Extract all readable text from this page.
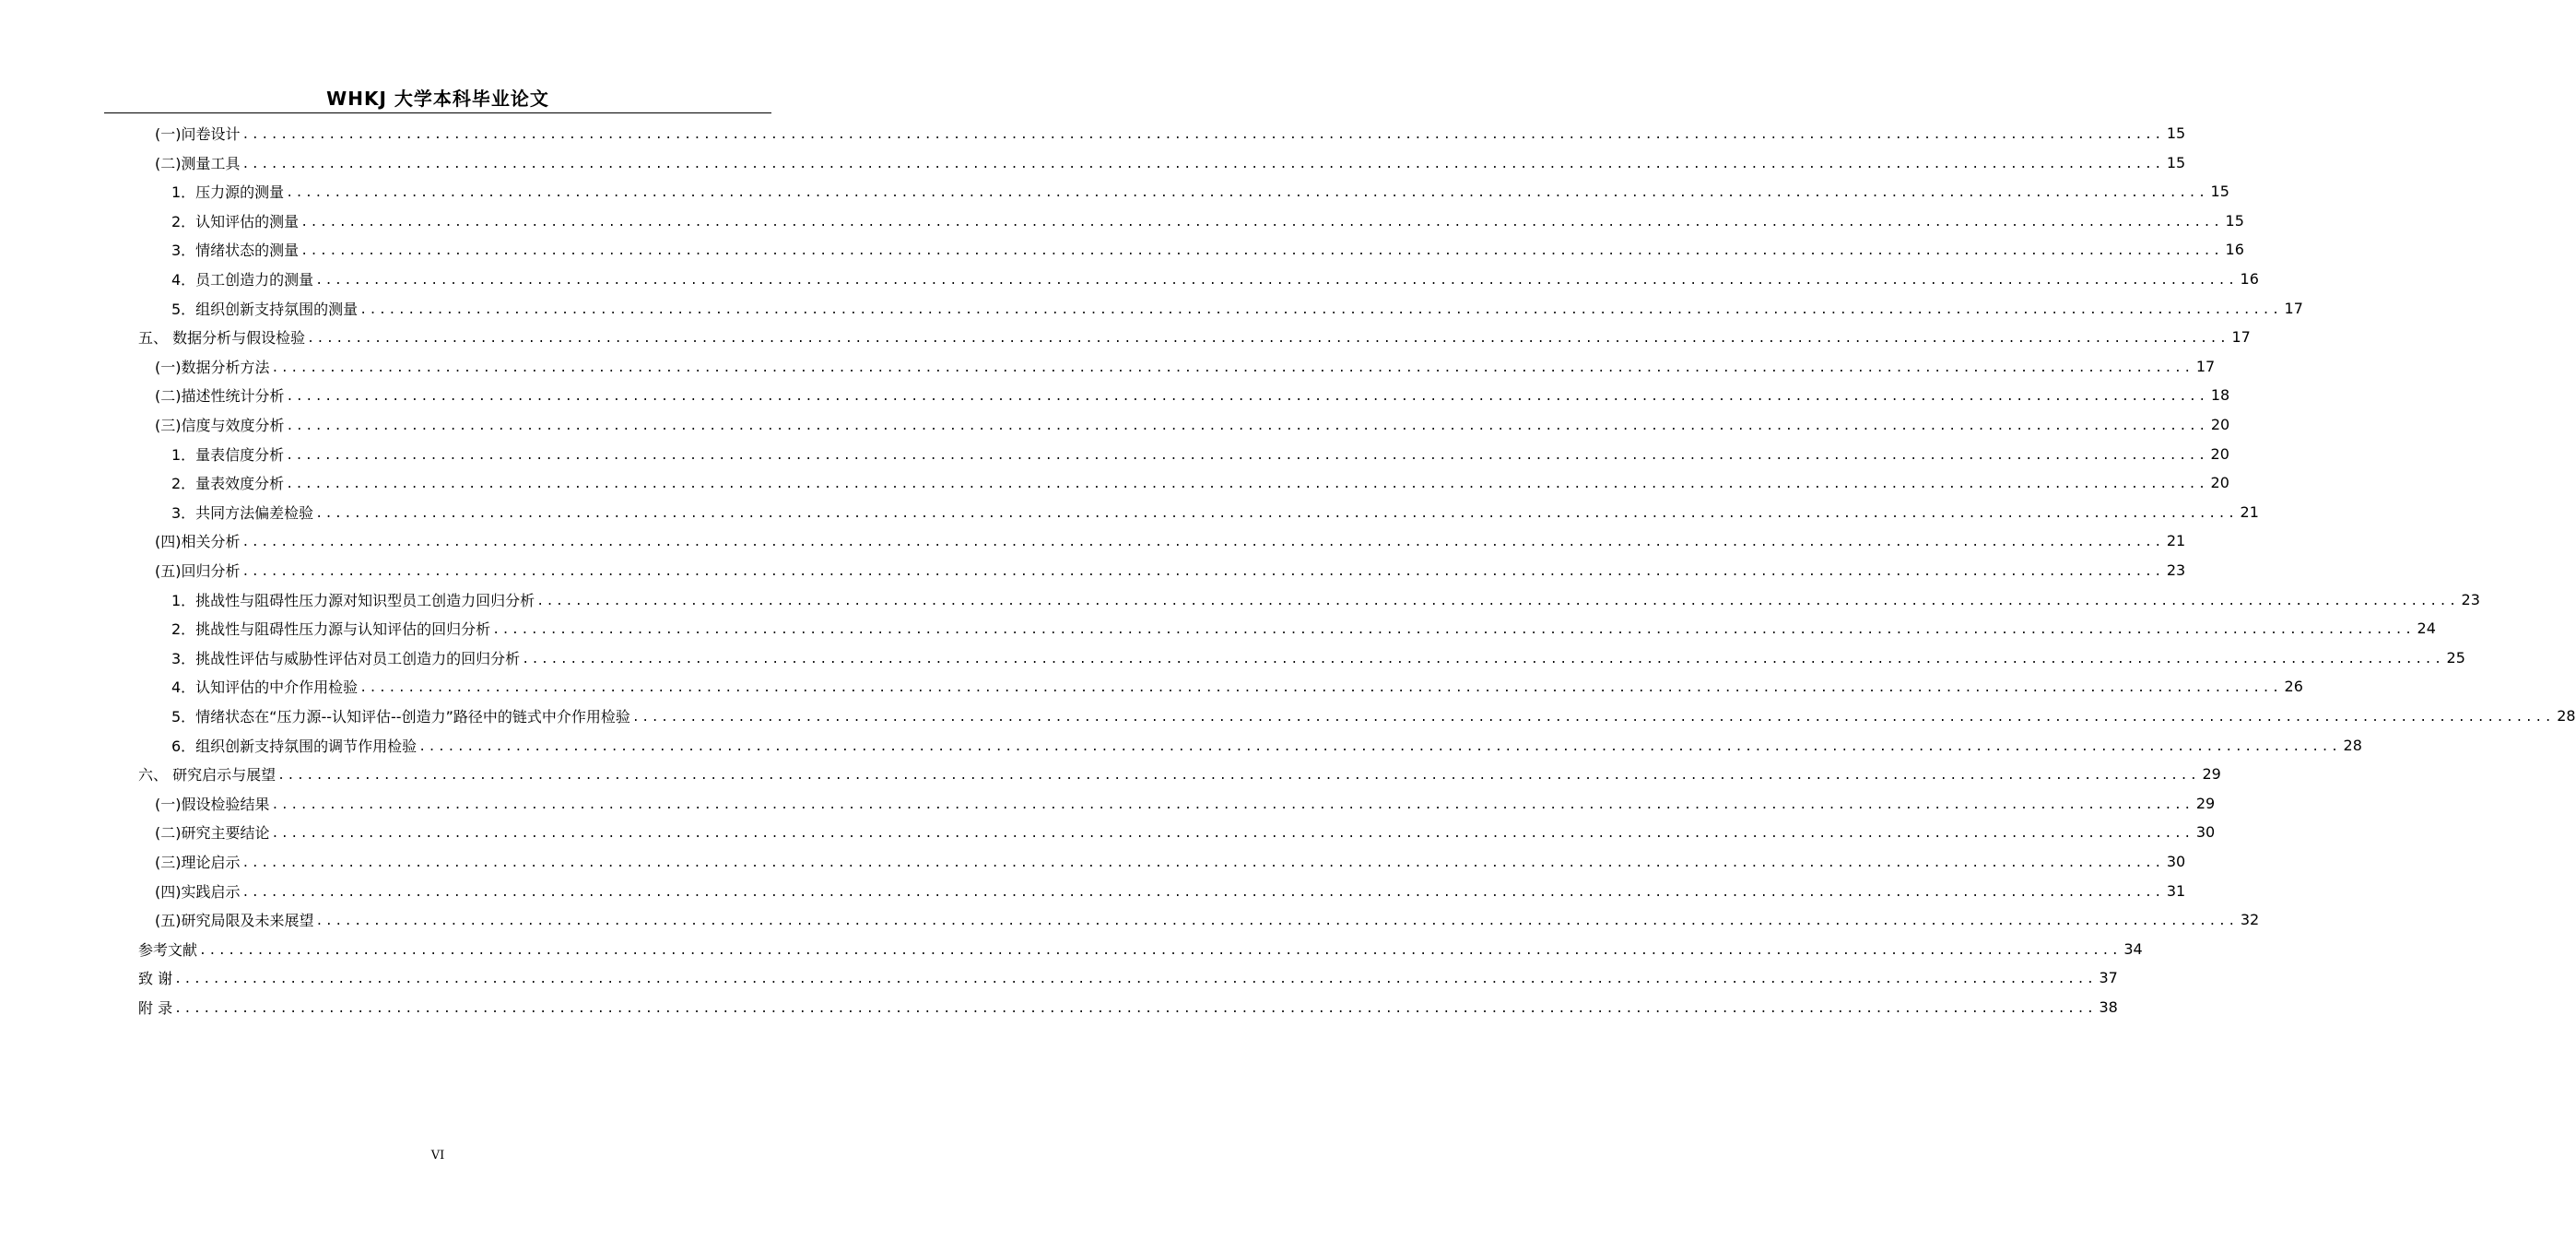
WHKJ 大学本科毕业论文
(一)问卷设计 ........................................................................................................................................................................................................ 15
(二)测量工具 ........................................................................................................................................................................................................ 15
1．压力源的测量 ........................................................................................................................................................................................................ 15
2．认知评估的测量 ........................................................................................................................................................................................................ 15
3．情绪状态的测量 ........................................................................................................................................................................................................ 16
4．员工创造力的测量 ........................................................................................................................................................................................................ 16
5．组织创新支持氛围的测量 ........................................................................................................................................................................................................ 17
五、 数据分析与假设检验 ........................................................................................................................................................................................................ 17
(一)数据分析方法 ........................................................................................................................................................................................................ 17
(二)描述性统计分析 ........................................................................................................................................................................................................ 18
(三)信度与效度分析 ........................................................................................................................................................................................................ 20
1．量表信度分析 ........................................................................................................................................................................................................ 20
2．量表效度分析 ........................................................................................................................................................................................................ 20
3．共同方法偏差检验 ........................................................................................................................................................................................................ 21
(四)相关分析 ........................................................................................................................................................................................................ 21
(五)回归分析 ........................................................................................................................................................................................................ 23
1．挑战性与阻碍性压力源对知识型员工创造力回归分析 ........................................................................................................................................................................................................ 23
2．挑战性与阻碍性压力源与认知评估的回归分析 ........................................................................................................................................................................................................ 24
3．挑战性评估与威胁性评估对员工创造力的回归分析 ........................................................................................................................................................................................................ 25
4．认知评估的中介作用检验 ........................................................................................................................................................................................................ 26
5．情绪状态在“压力源--认知评估--创造力”路径中的链式中介作用检验 ........................................................................................................................................................................................................ 28
6．组织创新支持氛围的调节作用检验 ........................................................................................................................................................................................................ 28
六、 研究启示与展望 ........................................................................................................................................................................................................ 29
(一)假设检验结果 ........................................................................................................................................................................................................ 29
(二)研究主要结论 ........................................................................................................................................................................................................ 30
(三)理论启示 ........................................................................................................................................................................................................ 30
(四)实践启示 ........................................................................................................................................................................................................ 31
(五)研究局限及未来展望 ........................................................................................................................................................................................................ 32
参考文献 ........................................................................................................................................................................................................ 34
致 谢 ........................................................................................................................................................................................................ 37
附 录 ........................................................................................................................................................................................................ 38
VI
